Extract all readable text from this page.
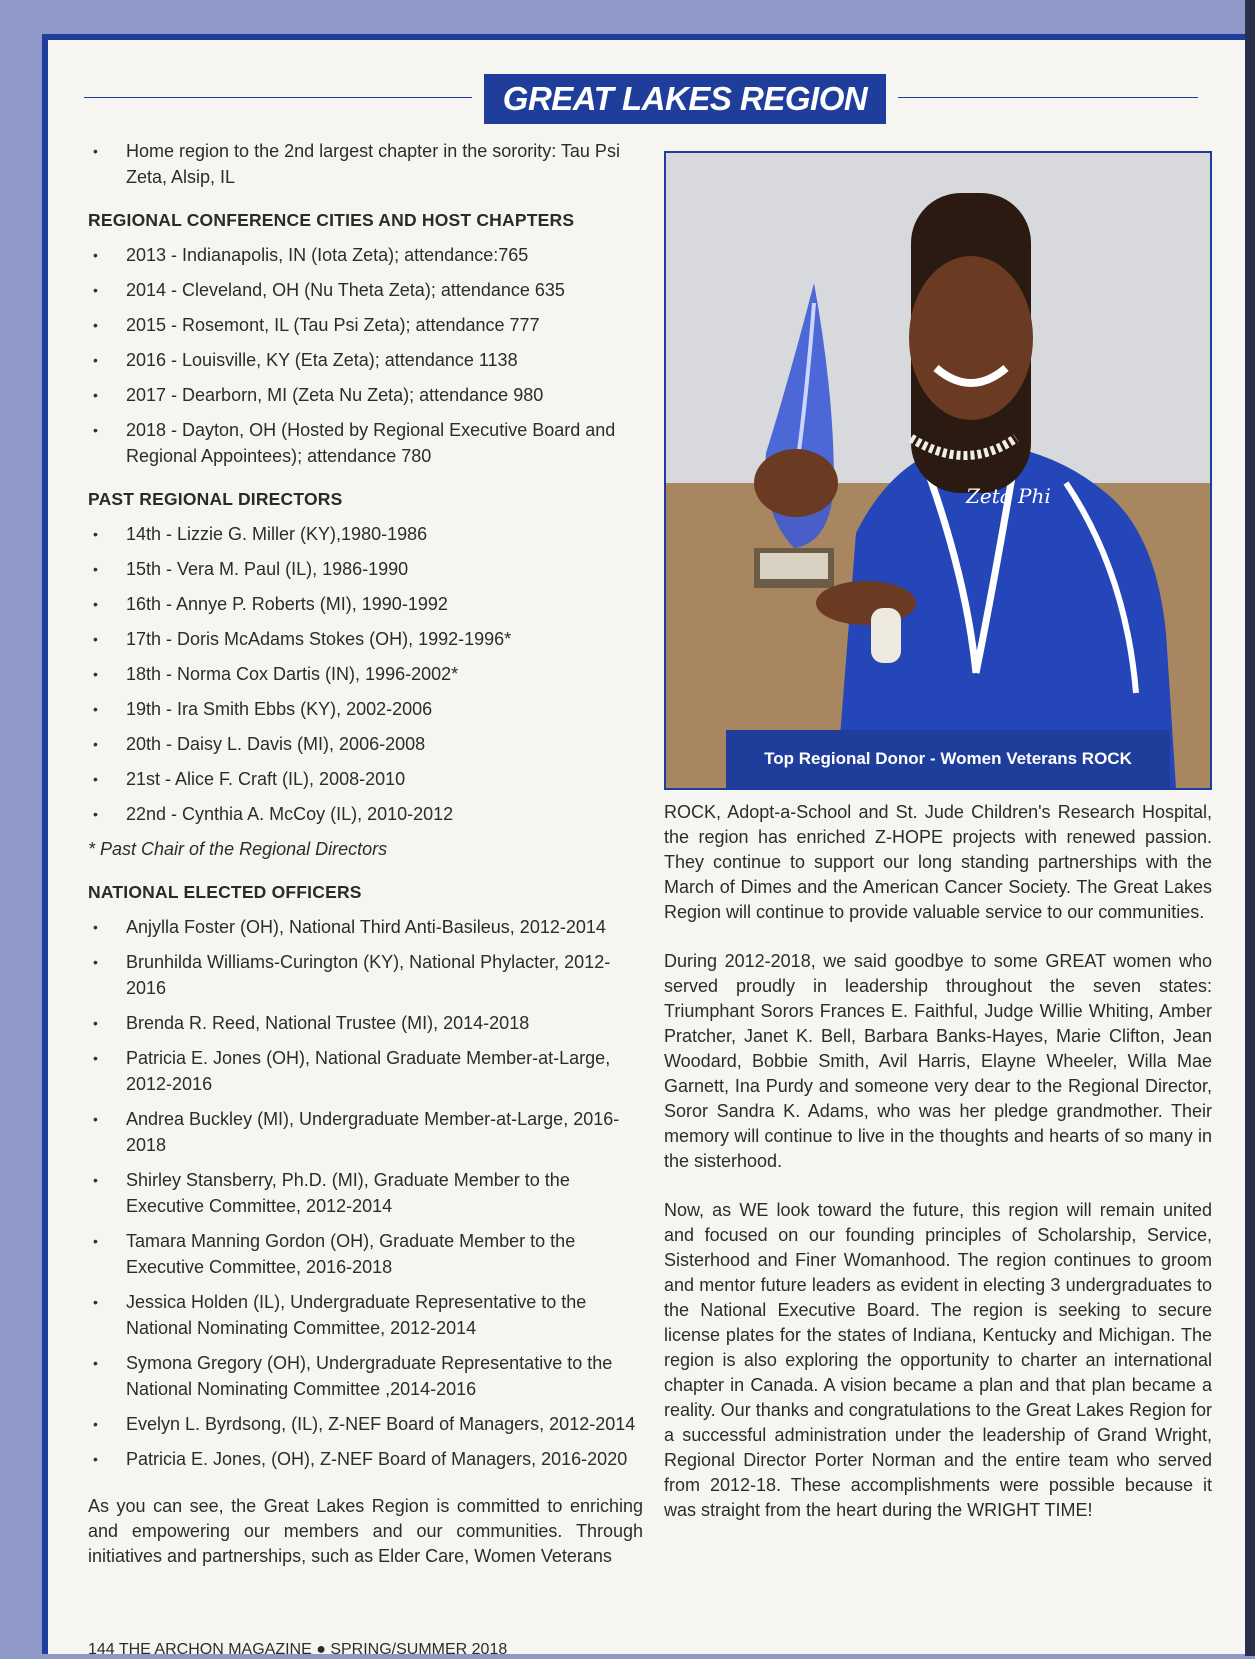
GREAT LAKES REGION
• Home region to the 2nd largest chapter in the sorority: Tau Psi Zeta, Alsip, IL
REGIONAL CONFERENCE CITIES AND HOST CHAPTERS
• 2013 - Indianapolis, IN (Iota Zeta); attendance:765
• 2014 - Cleveland, OH (Nu Theta Zeta); attendance 635
• 2015 - Rosemont, IL (Tau Psi Zeta); attendance 777
• 2016 - Louisville, KY (Eta Zeta); attendance 1138
• 2017 - Dearborn, MI (Zeta Nu Zeta); attendance 980
• 2018 - Dayton, OH (Hosted by Regional Executive Board and Regional Appointees); attendance 780
PAST REGIONAL DIRECTORS
• 14th - Lizzie G. Miller (KY),1980-1986
• 15th - Vera M. Paul (IL), 1986-1990
• 16th - Annye P. Roberts (MI), 1990-1992
• 17th - Doris McAdams Stokes (OH), 1992-1996*
• 18th - Norma Cox Dartis (IN), 1996-2002*
• 19th - Ira Smith Ebbs (KY), 2002-2006
• 20th - Daisy L. Davis (MI), 2006-2008
• 21st - Alice F. Craft (IL), 2008-2010
• 22nd - Cynthia A. McCoy (IL), 2010-2012
* Past Chair of the Regional Directors
NATIONAL ELECTED OFFICERS
• Anjylla Foster (OH), National Third Anti-Basileus, 2012-2014
• Brunhilda Williams-Curington (KY), National Phylacter, 2012-2016
• Brenda R. Reed, National Trustee (MI), 2014-2018
• Patricia E. Jones (OH), National Graduate Member-at-Large, 2012-2016
• Andrea Buckley (MI), Undergraduate Member-at-Large, 2016-2018
• Shirley Stansberry, Ph.D. (MI), Graduate Member to the Executive Committee, 2012-2014
• Tamara Manning Gordon (OH), Graduate Member to the Executive Committee, 2016-2018
• Jessica Holden (IL), Undergraduate Representative to the National Nominating Committee, 2012-2014
• Symona Gregory (OH), Undergraduate Representative to the National Nominating Committee ,2014-2016
• Evelyn L. Byrdsong, (IL), Z-NEF Board of Managers, 2012-2014
• Patricia E. Jones, (OH), Z-NEF Board of Managers, 2016-2020
As you can see, the Great Lakes Region is committed to enriching and empowering our members and our communities. Through initiatives and partnerships, such as Elder Care, Women Veterans
Zeta Phi
Top Regional Donor - Women Veterans ROCK

ROCK, Adopt-a-School and St. Jude Children's Research Hospital, the region has enriched Z-HOPE projects with renewed passion. They continue to support our long standing partnerships with the March of Dimes and the American Cancer Society. The Great Lakes Region will continue to provide valuable service to our communities.

During 2012-2018, we said goodbye to some GREAT women who served proudly in leadership throughout the seven states: Triumphant Sorors Frances E. Faithful, Judge Willie Whiting, Amber Pratcher, Janet K. Bell, Barbara Banks-Hayes, Marie Clifton, Jean Woodard, Bobbie Smith, Avil Harris, Elayne Wheeler, Willa Mae Garnett, Ina Purdy and someone very dear to the Regional Director, Soror Sandra K. Adams, who was her pledge grandmother. Their memory will continue to live in the thoughts and hearts of so many in the sisterhood.

Now, as WE look toward the future, this region will remain united and focused on our founding principles of Scholarship, Service, Sisterhood and Finer Womanhood. The region continues to groom and mentor future leaders as evident in electing 3 undergraduates to the National Executive Board. The region is seeking to secure license plates for the states of Indiana, Kentucky and Michigan. The region is also exploring the opportunity to charter an international chapter in Canada. A vision became a plan and that plan became a reality. Our thanks and congratulations to the Great Lakes Region for a successful administration under the leadership of Grand Wright, Regional Director Porter Norman and the entire team who served from 2012-18. These accomplishments were possible because it was straight from the heart during the WRIGHT TIME!

144 THE ARCHON MAGAZINE ● SPRING/SUMMER 2018
